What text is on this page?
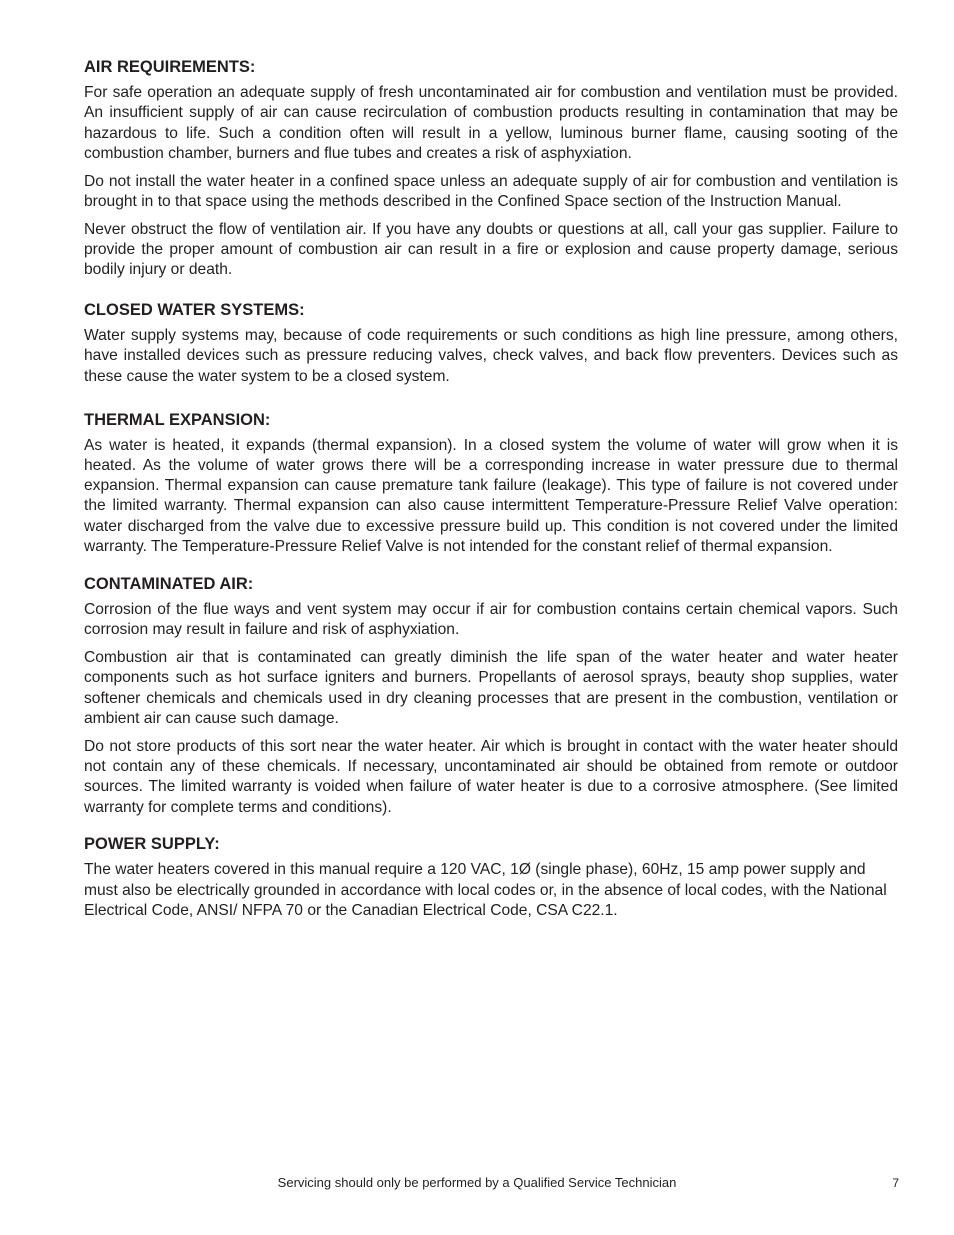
AIR REQUIREMENTS:

For safe operation an adequate supply of fresh uncontaminated air for combustion and ventilation must be provided. An insufficient supply of air can cause recirculation of combustion products resulting in contamination that may be hazardous to life. Such a condition often will result in a yellow, luminous burner flame, causing sooting of the combustion chamber, burners and flue tubes and creates a risk of asphyxiation.

Do not install the water heater in a confined space unless an adequate supply of air for combustion and ventilation is brought in to that space using the methods described in the Confined Space section of the Instruction Manual.

Never obstruct the flow of ventilation air. If you have any doubts or questions at all, call your gas supplier. Failure to provide the proper amount of combustion air can result in a fire or explosion and cause property damage, serious bodily injury or death.

CLOSED WATER SYSTEMS:

Water supply systems may, because of code requirements or such conditions as high line pressure, among others, have installed devices such as pressure reducing valves, check valves, and back flow preventers. Devices such as these cause the water system to be a closed system.

THERMAL EXPANSION:

As water is heated, it expands (thermal expansion). In a closed system the volume of water will grow when it is heated. As the volume of water grows there will be a corresponding increase in water pressure due to thermal expansion. Thermal expansion can cause premature tank failure (leakage). This type of failure is not covered under the limited warranty. Thermal expansion can also cause intermittent Temperature-Pressure Relief Valve operation: water discharged from the valve due to excessive pressure build up. This condition is not covered under the limited warranty. The Temperature-Pressure Relief Valve is not intended for the constant relief of thermal expansion.

CONTAMINATED AIR:

Corrosion of the flue ways and vent system may occur if air for combustion contains certain chemical vapors. Such corrosion may result in failure and risk of asphyxiation.

Combustion air that is contaminated can greatly diminish the life span of the water heater and water heater components such as hot surface igniters and burners. Propellants of aerosol sprays, beauty shop supplies, water softener chemicals and chemicals used in dry cleaning processes that are present in the combustion, ventilation or ambient air can cause such damage.

Do not store products of this sort near the water heater. Air which is brought in contact with the water heater should not contain any of these chemicals. If necessary, uncontaminated air should be obtained from remote or outdoor sources. The limited warranty is voided when failure of water heater is due to a corrosive atmosphere. (See limited warranty for complete terms and conditions).

POWER SUPPLY:

The water heaters covered in this manual require a 120 VAC, 1Ø (single phase), 60Hz, 15 amp power supply and must also be electrically grounded in accordance with local codes or, in the absence of local codes, with the National Electrical Code, ANSI/ NFPA 70 or the Canadian Electrical Code, CSA C22.1.

Servicing should only be performed by a Qualified Service Technician	7
